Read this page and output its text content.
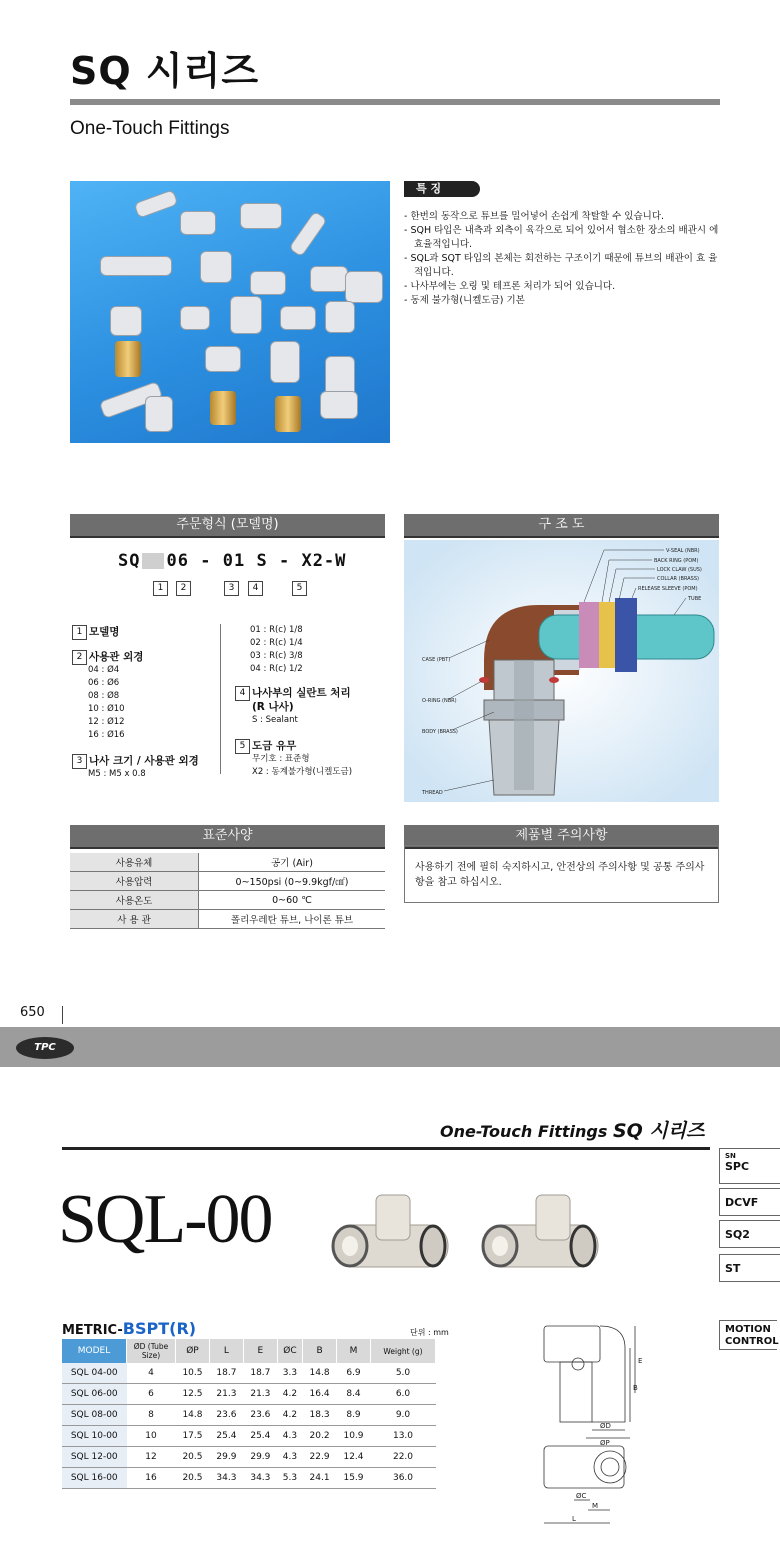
SQ 시리즈
One-Touch Fittings
특 징
- 한번의 동작으로 튜브를 밀어넣어 손쉽게 착탈할 수 있습니다.
- SQH 타입은 내측과 외측이 육각으로 되어 있어서 협소한 장소의 배관시 에 효율적입니다.
- SQL과 SQT 타입의 본체는 회전하는 구조이기 때문에 튜브의 배관이 효 율적입니다.
- 나사부에는 오링 및 테프론 처리가 되어 있습니다.
- 동제 불가형(니켈도금) 기본
주문형식 (모델명)
SQ 06 - 01 S - X2-W
1	2	3	4	5
1 모델명
2 사용관 외경
04 : Ø4
06 : Ø6
08 : Ø8
10 : Ø10
12 : Ø12
16 : Ø16
3 나사 크기 / 사용관 외경
M5 : M5 x 0.8
01 : R(c) 1/8
02 : R(c) 1/4
03 : R(c) 3/8
04 : R(c) 1/2
4 나사부의 실란트 처리
(R 나사)
S : Sealant
5 도금 유무
무기호 : 표준형
X2 : 동계불가형(니켈도금)
구 조 도
V-SEAL (NBR)
BACK RING (POM)
LOCK CLAW (SUS)
COLLAR (BRASS)
RELEASE SLEEVE (POM)
TUBE
CASE (PBT)
O-RING (NBR)
BODY (BRASS)
THREAD
표준사양
사용유체	공기 (Air)
사용압력	0~150psi (0~9.9kgf/㎠)
사용온도	0~60 ℃
사 용 관	폴리우레탄 튜브, 나이론 튜브
제품별 주의사항
사용하기 전에 필히 숙지하시고, 안전상의 주의사항 및 공통 주의사항을 참고 하십시오.
650
TPC
One-Touch Fittings SQ 시리즈
SN
SPC
DCVF
SQ2
ST
MOTION CONTROL
SQL-00
METRIC-BSPT(R)	단위 : mm
MODEL	ØD (Tube Size)	ØP	L	E	ØC	B	M	Weight (g)
SQL 04-00	4	10.5	18.7	18.7	3.3	14.8	6.9	5.0
SQL 06-00	6	12.5	21.3	21.3	4.2	16.4	8.4	6.0
SQL 08-00	8	14.8	23.6	23.6	4.2	18.3	8.9	9.0
SQL 10-00	10	17.5	25.4	25.4	4.3	20.2	10.9	13.0
SQL 12-00	12	20.5	29.9	29.9	4.3	22.9	12.4	22.0
SQL 16-00	16	20.5	34.3	34.3	5.3	24.1	15.9	36.0
E
B
ØD
ØP
ØC
M
L
